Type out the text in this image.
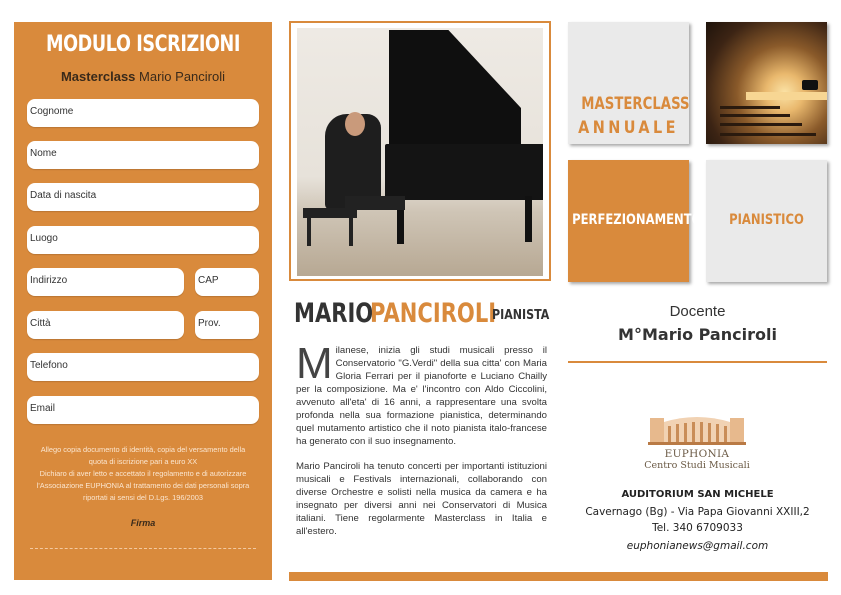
MODULO ISCRIZIONI
Masterclass Mario Panciroli
Cognome
Nome
Data di nascita
Luogo
Indirizzo	CAP
Città	Prov.
Telefono
Email
Allego copia documento di identità, copia del versamento della quota di iscrizione pari a euro XX
Dichiaro di aver letto e accettato il regolamento e di autorizzare l'Associazione EUPHONIA al trattamento dei dati personali sopra riportati ai sensi del D.Lgs. 196/2003
Firma
MARIO
PANCIROLI
PIANISTA

Milanese, inizia gli studi musicali presso il Conservatorio "G.Verdi" della sua citta' con Maria Gloria Ferrari per il pianoforte e Luciano Chailly per la composizione. Ma e' l'incontro con Aldo Ciccolini, avvenuto all'eta' di 16 anni, a rappresentare una svolta profonda nella sua formazione pianistica, determinando quel mutamento artistico che il noto pianista italo-francese ha generato con il suo insegnamento.

Mario Panciroli ha tenuto concerti per importanti istituzioni musicali e Festivals internazionali, collaborando con diverse Orchestre e solisti nella musica da camera e ha insegnato per diversi anni nei Conservatori di Musica italiani. Tiene regolarmente Masterclass in Italia e all'estero.

MASTERCLASS
ANNUALE
PERFEZIONAMENTO	PIANISTICO
Docente
M°Mario Panciroli
EUPHONIA
Centro Studi Musicali
AUDITORIUM SAN MICHELE
Cavernago (Bg) - Via Papa Giovanni XXIII,2
Tel. 340 6709033
euphonianews@gmail.com
